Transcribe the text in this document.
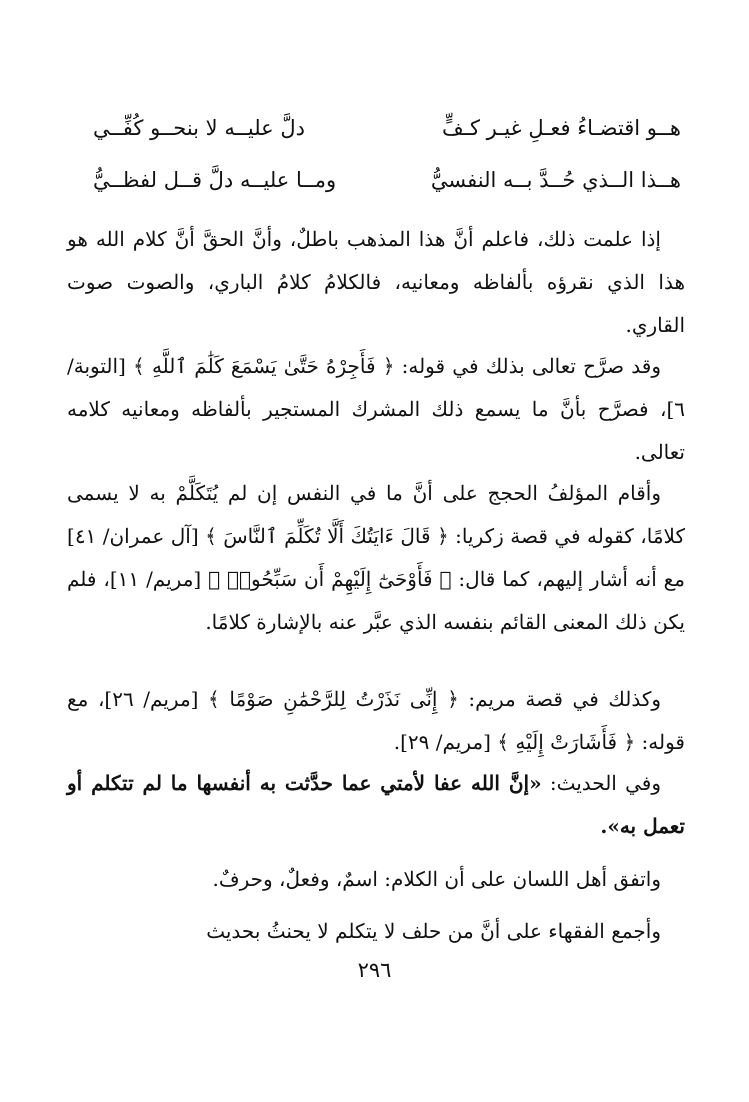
هــو اقتضـاءُ فعـلِ غيـر كـفٍّ
دلَّ عليــه لا بنحــو كُفِّــي
هــذا الــذي حُــدَّ بــه النفسيُّ
ومــا عليــه دلَّ قــل لفظــيُّ
إذا علمت ذلك، فاعلم أنَّ هذا المذهب باطلٌ، وأنَّ الحقَّ أنَّ كلام الله هو هذا الذي نقرؤه بألفاظه ومعانيه، فالكلامُ كلامُ الباري، والصوت صوت القاري.
وقد صرَّح تعالى بذلك في قوله: ﴿ فَأَجِرْهُ حَتَّىٰ يَسْمَعَ كَلَٰمَ ٱللَّهِ ﴾ [التوبة/ ٦]، فصرَّح بأنَّ ما يسمع ذلك المشرك المستجير بألفاظه ومعانيه كلامه تعالى.
وأقام المؤلفُ الحجج على أنَّ ما في النفس إن لم يُتَكَلَّمْ به لا يسمى كلامًا، كقوله في قصة زكريا: ﴿ قَالَ ءَايَتُكَ أَلَّا تُكَلِّمَ ٱلنَّاسَ ﴾ [آل عمران/ ٤١] مع أنه أشار إليهم، كما قال: ﴿ فَأَوْحَىٰٓ إِلَيْهِمْ أَن سَبِّحُوا۟ ﴾ [مريم/ ١١]، فلم يكن ذلك المعنى القائم بنفسه الذي عبَّر عنه بالإشارة كلامًا.
وكذلك في قصة مريم: ﴿ إِنِّى نَذَرْتُ لِلرَّحْمَٰنِ صَوْمًا ﴾ [مريم/ ٢٦]، مع قوله: ﴿ فَأَشَارَتْ إِلَيْهِ ﴾ [مريم/ ٢٩].
وفي الحديث: «إنَّ الله عفا لأمتي عما حدَّثت به أنفسها ما لم تتكلم أو تعمل به».
واتفق أهل اللسان على أن الكلام: اسمٌ، وفعلٌ، وحرفٌ.
وأجمع الفقهاء على أنَّ من حلف لا يتكلم لا يحنثُ بحديث
٢٩٦
